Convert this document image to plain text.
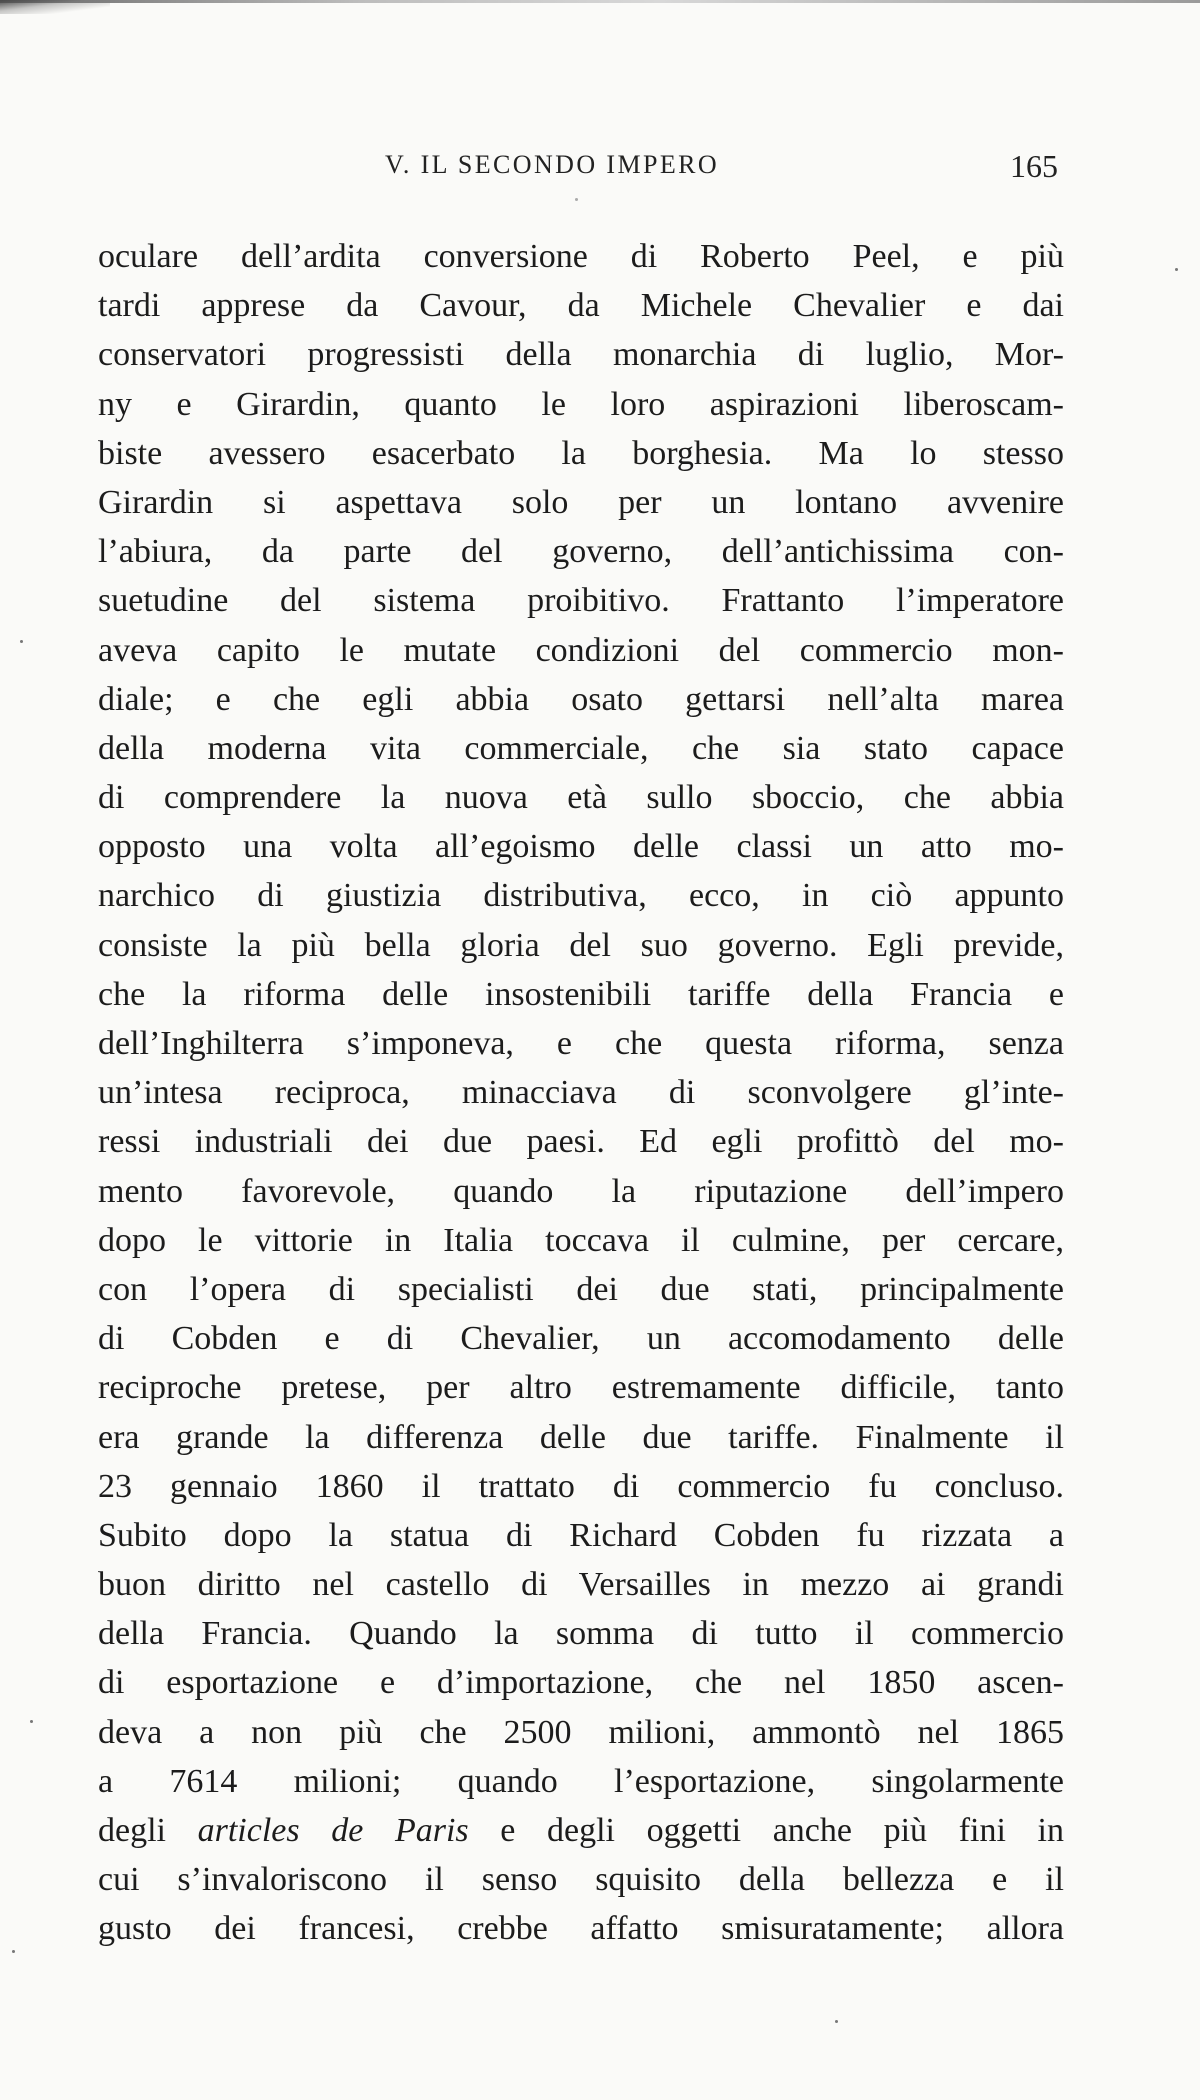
V. IL SECONDO IMPERO	165
oculare dell’ardita conversione di Roberto Peel, e più
tardi apprese da Cavour, da Michele Chevalier e dai
conservatori progressisti della monarchia di luglio, Mor-
ny e Girardin, quanto le loro aspirazioni liberoscam-
biste avessero esacerbato la borghesia. Ma lo stesso
Girardin si aspettava solo per un lontano avvenire
l’abiura, da parte del governo, dell’antichissima con-
suetudine del sistema proibitivo. Frattanto l’imperatore
aveva capito le mutate condizioni del commercio mon-
diale; e che egli abbia osato gettarsi nell’alta marea
della moderna vita commerciale, che sia stato capace
di comprendere la nuova età sullo sboccio, che abbia
opposto una volta all’egoismo delle classi un atto mo-
narchico di giustizia distributiva, ecco, in ciò appunto
consiste la più bella gloria del suo governo. Egli previde,
che la riforma delle insostenibili tariffe della Francia e
dell’Inghilterra s’imponeva, e che questa riforma, senza
un’intesa reciproca, minacciava di sconvolgere gl’inte-
ressi industriali dei due paesi. Ed egli profittò del mo-
mento favorevole, quando la riputazione dell’impero
dopo le vittorie in Italia toccava il culmine, per cercare,
con l’opera di specialisti dei due stati, principalmente
di Cobden e di Chevalier, un accomodamento delle
reciproche pretese, per altro estremamente difficile, tanto
era grande la differenza delle due tariffe. Finalmente il
23 gennaio 1860 il trattato di commercio fu concluso.
Subito dopo la statua di Richard Cobden fu rizzata a
buon diritto nel castello di Versailles in mezzo ai grandi
della Francia. Quando la somma di tutto il commercio
di esportazione e d’importazione, che nel 1850 ascen-
deva a non più che 2500 milioni, ammontò nel 1865
a 7614 milioni; quando l’esportazione, singolarmente
degli articles de Paris e degli oggetti anche più fini in
cui s’invaloriscono il senso squisito della bellezza e il
gusto dei francesi, crebbe affatto smisuratamente; allora
